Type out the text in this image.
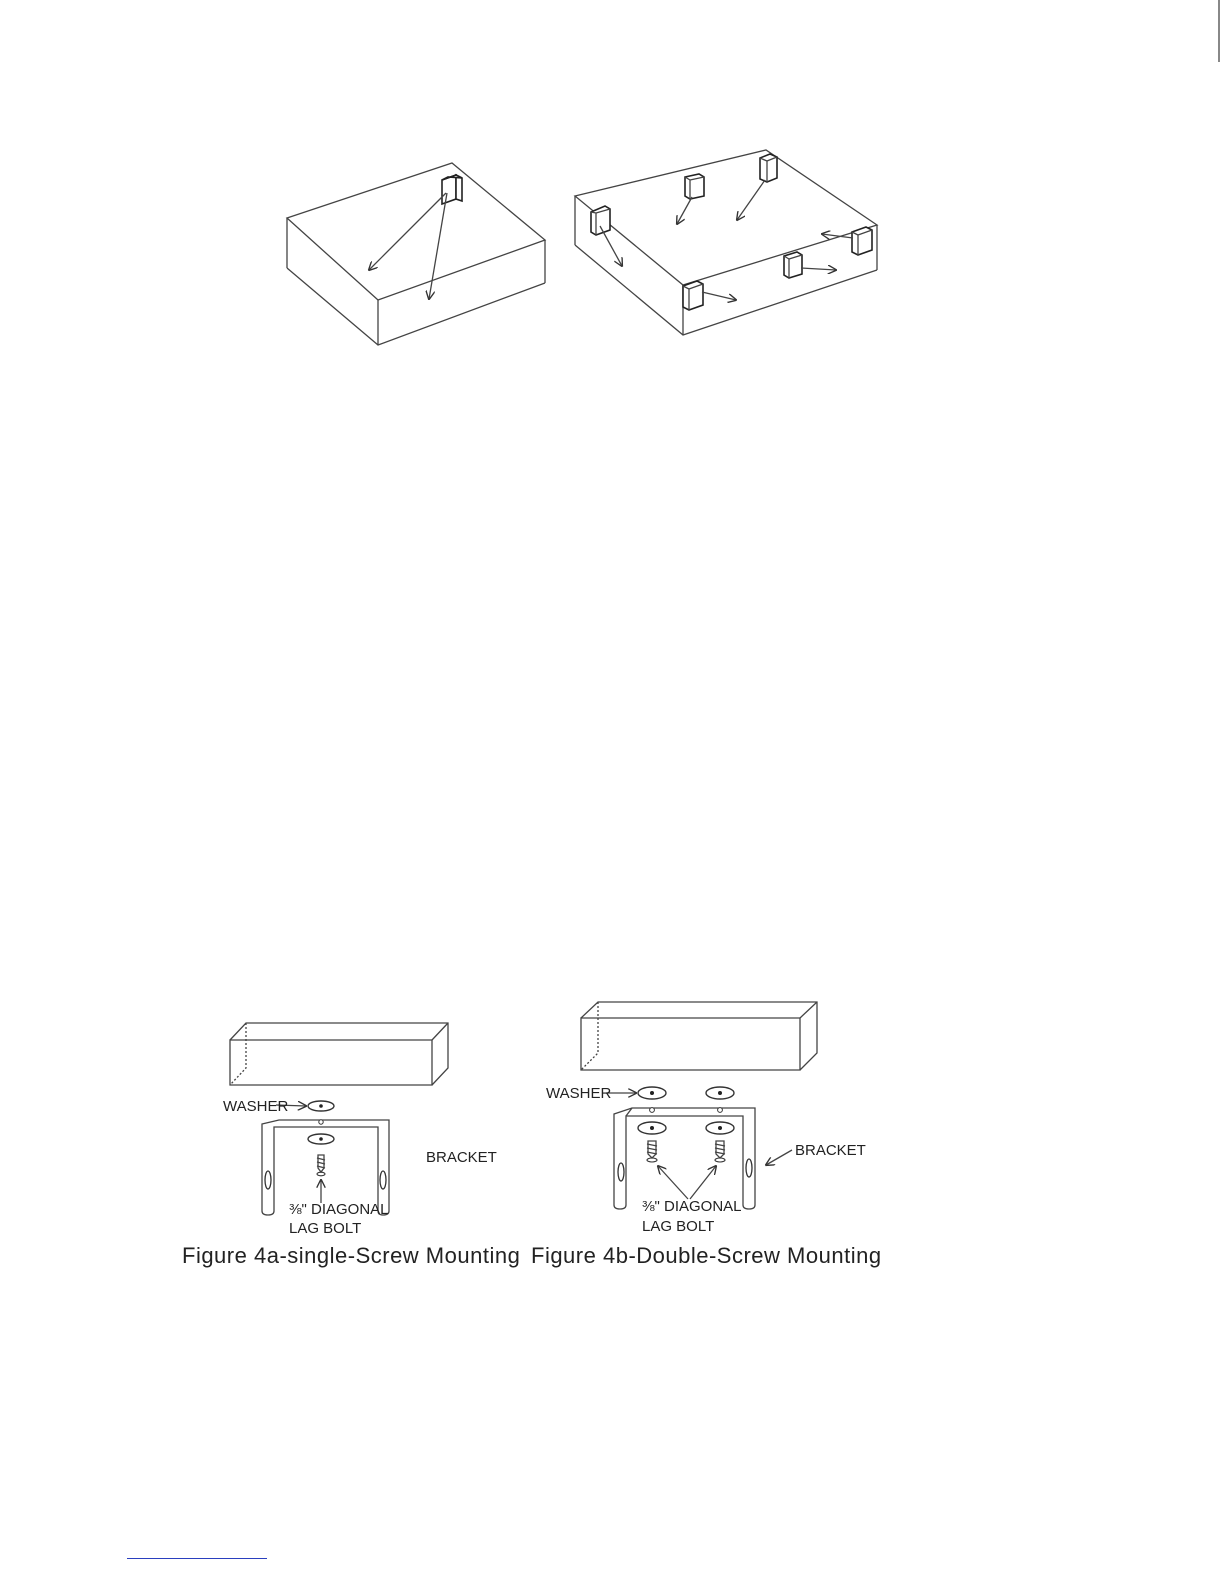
WASHER
BRACKET
⅜" DIAGONAL
LAG BOLT
Figure 4a-single-Screw Mounting
WASHER
BRACKET
⅜" DIAGONAL
LAG BOLT
Figure 4b-Double-Screw Mounting
